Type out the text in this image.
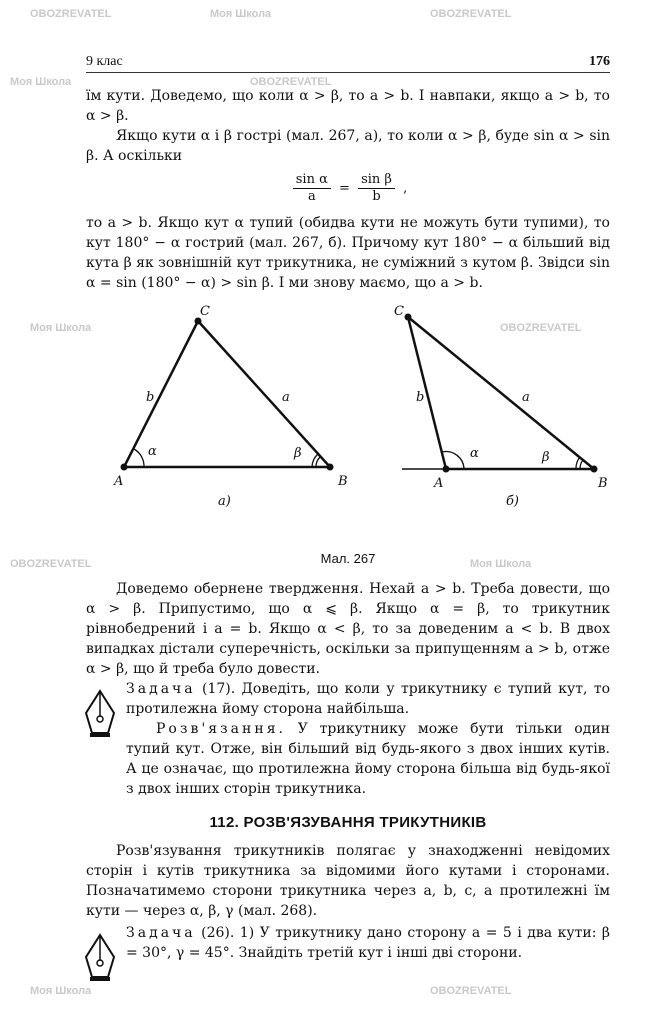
OBOZREVATEL	Моя Школа	OBOZREVATEL
Моя Школа	OBOZREVATEL
Моя Школа	OBOZREVATEL
OBOZREVATEL	Моя Школа
Моя Школа	OBOZREVATEL
9 клас	176

їм кути. Доведемо, що коли α > β, то a > b. І навпаки, якщо a > b, то α > β.

Якщо кути α і β гострі (мал. 267, а), то коли α > β, буде sin α > sin β. А оскільки

$\frac{\text{sin α}}{a} = \frac{\text{sin β}}{b}$ ,

то a > b. Якщо кут α тупий (обидва кути не можуть бути тупими), то кут 180° − α гострий (мал. 267, б). Причому кут 180° − α більший від кута β як зовнішній кут трикутника, не суміжний з кутом β. Звідси sin α = sin (180° − α) > sin β. І ми знову маємо, що a > b.

A
C
B
b	a
α	β
a)
A
C
B
b	a
α	β
б)
Мал. 267

Доведемо обернене твердження. Нехай a > b. Треба довести, що α > β. Припустимо, що α ⩽ β. Якщо α = β, то трикутник рівнобедрений і a = b. Якщо α < β, то за доведеним a < b. В двох випадках дістали суперечність, оскільки за припущенням a > b, отже α > β, що й треба було довести.

Задача (17). Доведіть, що коли у трикутнику є тупий кут, то протилежна йому сторона найбільша.

Розв'язання. У трикутнику може бути тільки один тупий кут. Отже, він більший від будь-якого з двох інших кутів. А це означає, що протилежна йому сторона більша від будь-якої з двох інших сторін трикутника.

112. РОЗВ'ЯЗУВАННЯ ТРИКУТНИКІВ

Розв'язування трикутників полягає у знаходженні невідомих сторін і кутів трикутника за відомими його кутами і сторонами. Позначатимемо сторони трикутника через a, b, c, а протилежні їм кути — через α, β, γ (мал. 268).

Задача (26). 1) У трикутнику дано сторону a = 5 і два кути: β = 30°, γ = 45°. Знайдіть третій кут і інші дві сторони.
